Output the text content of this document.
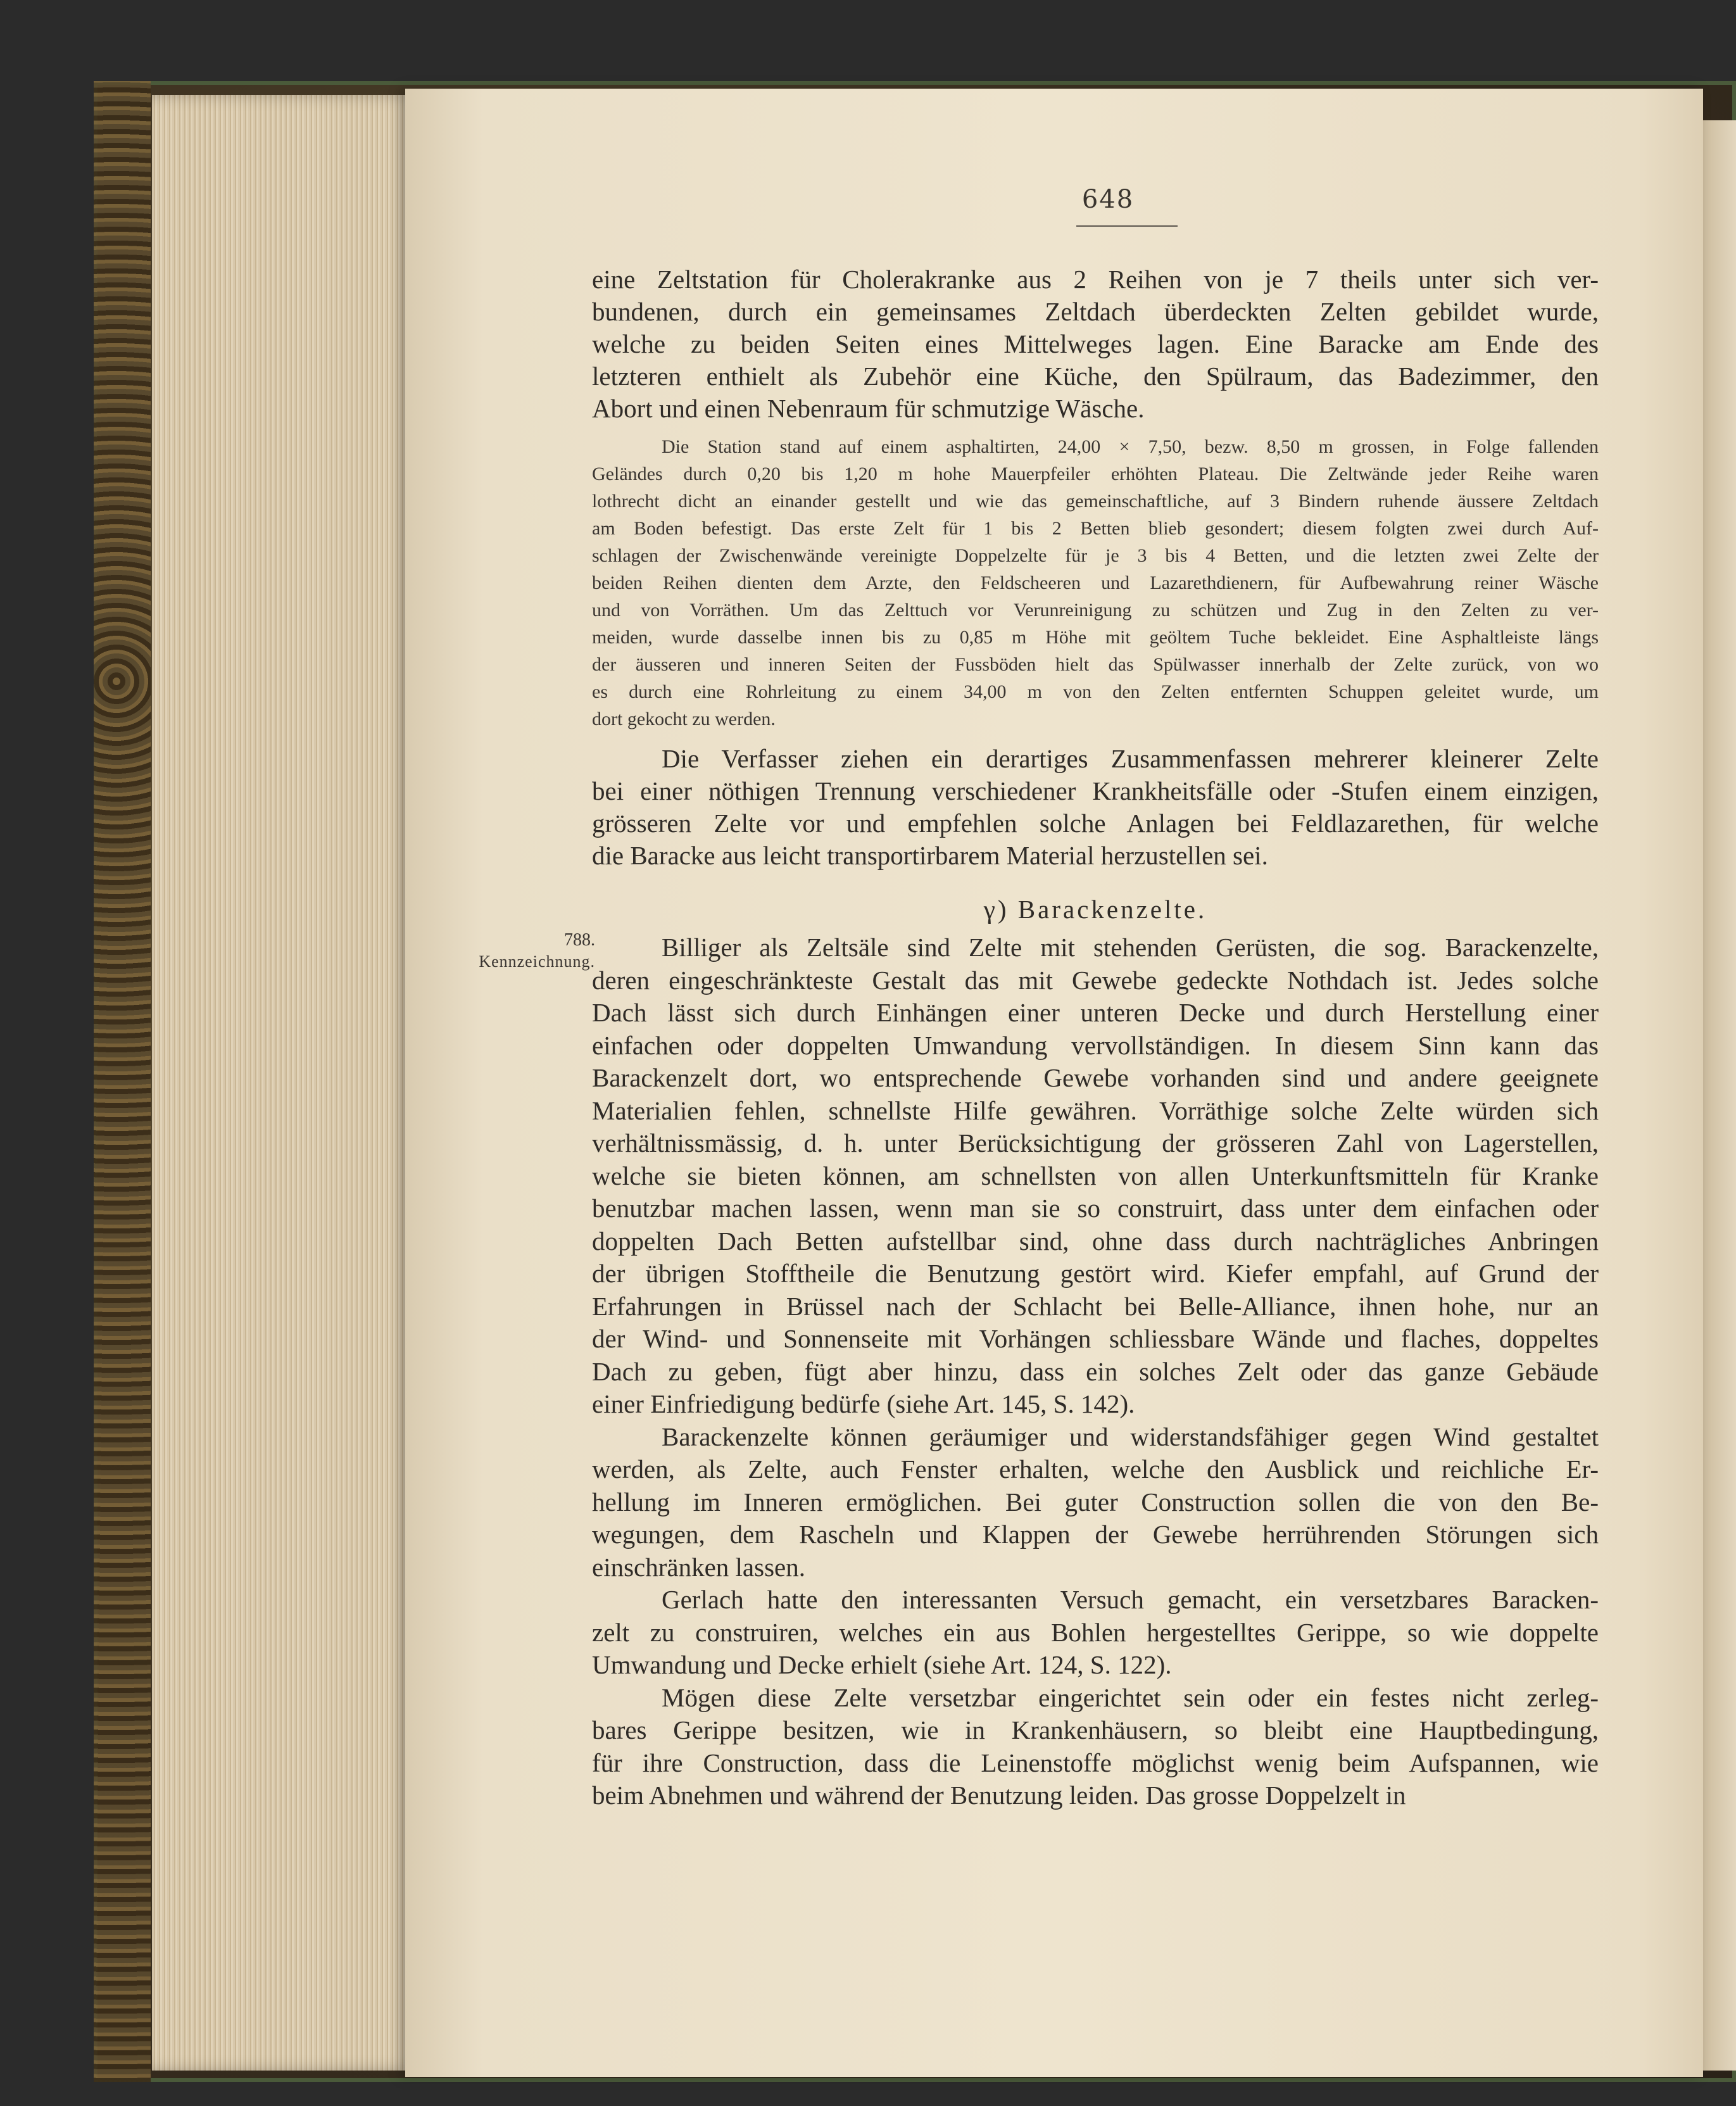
648
788.
Kennzeichnung.
eine Zeltstation für Cholerakranke aus 2 Reihen von je 7 theils unter sich ver-
bundenen, durch ein gemeinsames Zeltdach überdeckten Zelten gebildet wurde,
welche zu beiden Seiten eines Mittelweges lagen. Eine Baracke am Ende des
letzteren enthielt als Zubehör eine Küche, den Spülraum, das Badezimmer, den
Abort und einen Nebenraum für schmutzige Wäsche.
Die Station stand auf einem asphaltirten, 24,00 × 7,50, bezw. 8,50 m grossen, in Folge fallenden
Geländes durch 0,20 bis 1,20 m hohe Mauerpfeiler erhöhten Plateau. Die Zeltwände jeder Reihe waren
lothrecht dicht an einander gestellt und wie das gemeinschaftliche, auf 3 Bindern ruhende äussere Zeltdach
am Boden befestigt. Das erste Zelt für 1 bis 2 Betten blieb gesondert; diesem folgten zwei durch Auf-
schlagen der Zwischenwände vereinigte Doppelzelte für je 3 bis 4 Betten, und die letzten zwei Zelte der
beiden Reihen dienten dem Arzte, den Feldscheeren und Lazarethdienern, für Aufbewahrung reiner Wäsche
und von Vorräthen. Um das Zelttuch vor Verunreinigung zu schützen und Zug in den Zelten zu ver-
meiden, wurde dasselbe innen bis zu 0,85 m Höhe mit geöltem Tuche bekleidet. Eine Asphaltleiste längs
der äusseren und inneren Seiten der Fussböden hielt das Spülwasser innerhalb der Zelte zurück, von wo
es durch eine Rohrleitung zu einem 34,00 m von den Zelten entfernten Schuppen geleitet wurde, um
dort gekocht zu werden.
Die Verfasser ziehen ein derartiges Zusammenfassen mehrerer kleinerer Zelte
bei einer nöthigen Trennung verschiedener Krankheitsfälle oder -Stufen einem einzigen,
grösseren Zelte vor und empfehlen solche Anlagen bei Feldlazarethen, für welche
die Baracke aus leicht transportirbarem Material herzustellen sei.
γ) Barackenzelte.
Billiger als Zeltsäle sind Zelte mit stehenden Gerüsten, die sog. Barackenzelte,
deren eingeschränkteste Gestalt das mit Gewebe gedeckte Nothdach ist. Jedes solche
Dach lässt sich durch Einhängen einer unteren Decke und durch Herstellung einer
einfachen oder doppelten Umwandung vervollständigen. In diesem Sinn kann das
Barackenzelt dort, wo entsprechende Gewebe vorhanden sind und andere geeignete
Materialien fehlen, schnellste Hilfe gewähren. Vorräthige solche Zelte würden sich
verhältnissmässig, d. h. unter Berücksichtigung der grösseren Zahl von Lagerstellen,
welche sie bieten können, am schnellsten von allen Unterkunftsmitteln für Kranke
benutzbar machen lassen, wenn man sie so construirt, dass unter dem einfachen oder
doppelten Dach Betten aufstellbar sind, ohne dass durch nachträgliches Anbringen
der übrigen Stofftheile die Benutzung gestört wird. Kiefer empfahl, auf Grund der
Erfahrungen in Brüssel nach der Schlacht bei Belle-Alliance, ihnen hohe, nur an
der Wind- und Sonnenseite mit Vorhängen schliessbare Wände und flaches, doppeltes
Dach zu geben, fügt aber hinzu, dass ein solches Zelt oder das ganze Gebäude
einer Einfriedigung bedürfe (siehe Art. 145, S. 142).
Barackenzelte können geräumiger und widerstandsfähiger gegen Wind gestaltet
werden, als Zelte, auch Fenster erhalten, welche den Ausblick und reichliche Er-
hellung im Inneren ermöglichen. Bei guter Construction sollen die von den Be-
wegungen, dem Rascheln und Klappen der Gewebe herrührenden Störungen sich
einschränken lassen.
Gerlach hatte den interessanten Versuch gemacht, ein versetzbares Baracken-
zelt zu construiren, welches ein aus Bohlen hergestelltes Gerippe, so wie doppelte
Umwandung und Decke erhielt (siehe Art. 124, S. 122).
Mögen diese Zelte versetzbar eingerichtet sein oder ein festes nicht zerleg-
bares Gerippe besitzen, wie in Krankenhäusern, so bleibt eine Hauptbedingung,
für ihre Construction, dass die Leinenstoffe möglichst wenig beim Aufspannen, wie
beim Abnehmen und während der Benutzung leiden. Das grosse Doppelzelt in
